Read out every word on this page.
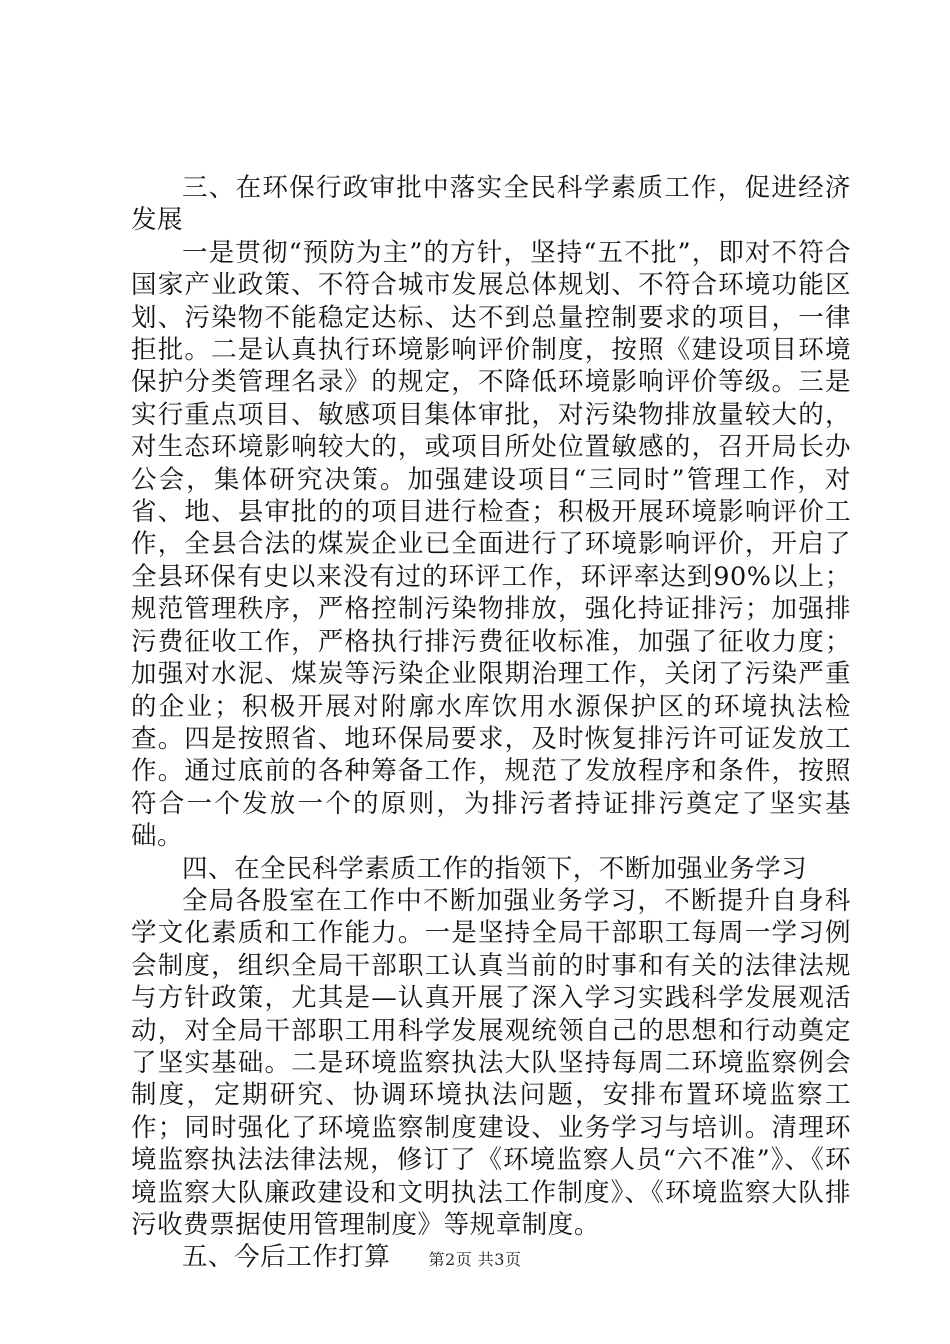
三、在环保行政审批中落实全民科学素质工作，促进经济发展

一是贯彻“预防为主”的方针，坚持“五不批”，即对不符合国家产业政策、不符合城市发展总体规划、不符合环境功能区划、污染物不能稳定达标、达不到总量控制要求的项目，一律拒批。二是认真执行环境影响评价制度，按照《建设项目环境保护分类管理名录》的规定，不降低环境影响评价等级。三是实行重点项目、敏感项目集体审批，对污染物排放量较大的，对生态环境影响较大的，或项目所处位置敏感的，召开局长办公会，集体研究决策。加强建设项目“三同时”管理工作，对省、地、县审批的的项目进行检查；积极开展环境影响评价工作，全县合法的煤炭企业已全面进行了环境影响评价，开启了全县环保有史以来没有过的环评工作，环评率达到90%以上；规范管理秩序，严格控制污染物排放，强化持证排污；加强排污费征收工作，严格执行排污费征收标准，加强了征收力度；加强对水泥、煤炭等污染企业限期治理工作，关闭了污染严重的企业；积极开展对附廓水库饮用水源保护区的环境执法检查。四是按照省、地环保局要求，及时恢复排污许可证发放工作。通过底前的各种筹备工作，规范了发放程序和条件，按照符合一个发放一个的原则，为排污者持证排污奠定了坚实基础。

四、在全民科学素质工作的指领下，不断加强业务学习

全局各股室在工作中不断加强业务学习，不断提升自身科学文化素质和工作能力。一是坚持全局干部职工每周一学习例会制度，组织全局干部职工认真当前的时事和有关的法律法规与方针政策，尤其是—认真开展了深入学习实践科学发展观活动，对全局干部职工用科学发展观统领自己的思想和行动奠定了坚实基础。二是环境监察执法大队坚持每周二环境监察例会制度，定期研究、协调环境执法问题，安排布置环境监察工作；同时强化了环境监察制度建设、业务学习与培训。清理环境监察执法法律法规，修订了《环境监察人员“六不准”》、《环境监察大队廉政建设和文明执法工作制度》、《环境监察大队排污收费票据使用管理制度》等规章制度。

五、今后工作打算	第2页 共3页
